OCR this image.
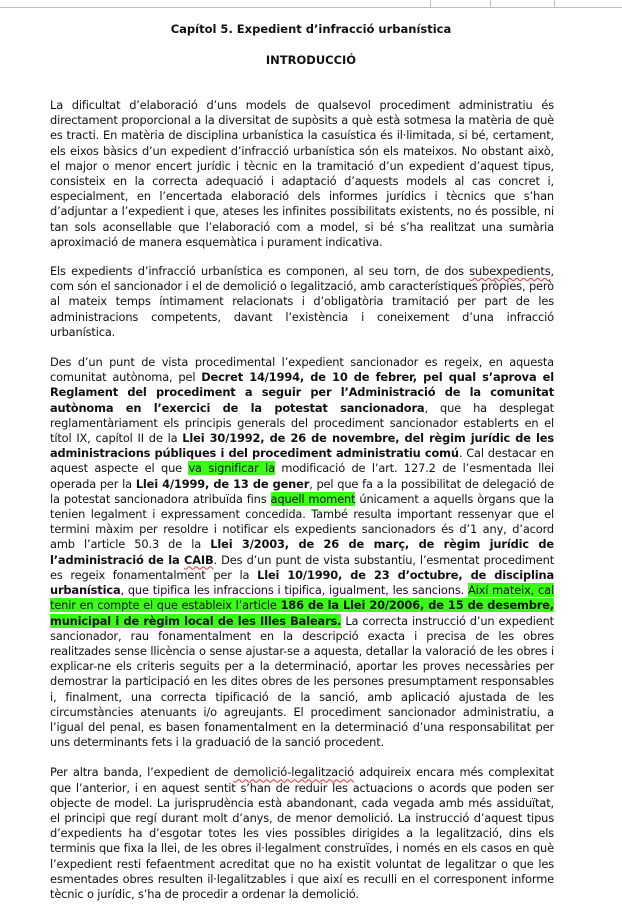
Capítol 5. Expedient d’infracció urbanística
INTRODUCCIÓ

La dificultat d’elaboració d’uns models de qualsevol procediment administratiu és directament proporcional a la diversitat de supòsits a què està sotmesa la matèria de què es tracti. En matèria de disciplina urbanística la casuística és il·limitada, si bé, certament, els eixos bàsics d’un expedient d’infracció urbanística són els mateixos. No obstant això, el major o menor encert jurídic i tècnic en la tramitació d’un expedient d’aquest tipus, consisteix en la correcta adequació i adaptació d’aquests models al cas concret i, especialment, en l’encertada elaboració dels informes jurídics i tècnics que s’han d’adjuntar a l’expedient i que, ateses les infinites possibilitats existents, no és possible, ni tan sols aconsellable que l’elaboració com a model, si bé s’ha realitzat una sumària aproximació de manera esquemàtica i purament indicativa.

Els expedients d’infracció urbanística es componen, al seu torn, de dos subexpedients, com són el sancionador i el de demolició o legalització, amb característiques pròpies, però al mateix temps íntimament relacionats i d’obligatòria tramitació per part de les administracions competents, davant l’existència i coneixement d’una infracció urbanística.

Des d’un punt de vista procedimental l’expedient sancionador es regeix, en aquesta comunitat autònoma, pel Decret 14/1994, de 10 de febrer, pel qual s’aprova el Reglament del procediment a seguir per l’Administració de la comunitat autònoma en l’exercici de la potestat sancionadora, que ha desplegat reglamentàriament els principis generals del procediment sancionador establerts en el títol IX, capítol II de la Llei 30/1992, de 26 de novembre, del règim jurídic de les administracions públiques i del procediment administratiu comú. Cal destacar en aquest aspecte el que va significar la modificació de l’art. 127.2 de l’esmentada llei operada per la Llei 4/1999, de 13 de gener, pel que fa a la possibilitat de delegació de la potestat sancionadora atribuïda fins aquell moment únicament a aquells òrgans que la tenien legalment i expressament concedida. També resulta important ressenyar que el termini màxim per resoldre i notificar els expedients sancionadors és d’1 any, d’acord amb l’article 50.3 de la Llei 3/2003, de 26 de març, de règim jurídic de l’administració de la CAIB. Des d’un punt de vista substantiu, l’esmentat procediment es regeix fonamentalment per la Llei 10/1990, de 23 d’octubre, de disciplina urbanística, que tipifica les infraccions i tipifica, igualment, les sancions. Així mateix, cal tenir en compte el que estableix l’article 186 de la Llei 20/2006, de 15 de desembre, municipal i de règim local de les Illes Balears. La correcta instrucció d’un expedient sancionador, rau fonamentalment en la descripció exacta i precisa de les obres realitzades sense llicència o sense ajustar-se a aquesta, detallar la valoració de les obres i explicar-ne els criteris seguits per a la determinació, aportar les proves necessàries per demostrar la participació en les dites obres de les persones presumptament responsables i, finalment, una correcta tipificació de la sanció, amb aplicació ajustada de les circumstàncies atenuants i/o agreujants. El procediment sancionador administratiu, a l’igual del penal, es basen fonamentalment en la determinació d’una responsabilitat per uns determinants fets i la graduació de la sanció procedent.

Per altra banda, l’expedient de demolició-legalització adquireix encara més complexitat que l’anterior, i en aquest sentit s’han de reduir les actuacions o acords que poden ser objecte de model. La jurisprudència està abandonant, cada vegada amb més assiduïtat, el principi que regí durant molt d’anys, de menor demolició. La instrucció d’aquest tipus d’expedients ha d’esgotar totes les vies possibles dirigides a la legalització, dins els terminis que fixa la llei, de les obres il·legalment construïdes, i només en els casos en què l’expedient resti fefaentment acreditat que no ha existit voluntat de legalitzar o que les esmentades obres resulten il·legalitzables i que així es reculli en el corresponent informe tècnic o jurídic, s’ha de procedir a ordenar la demolició.
